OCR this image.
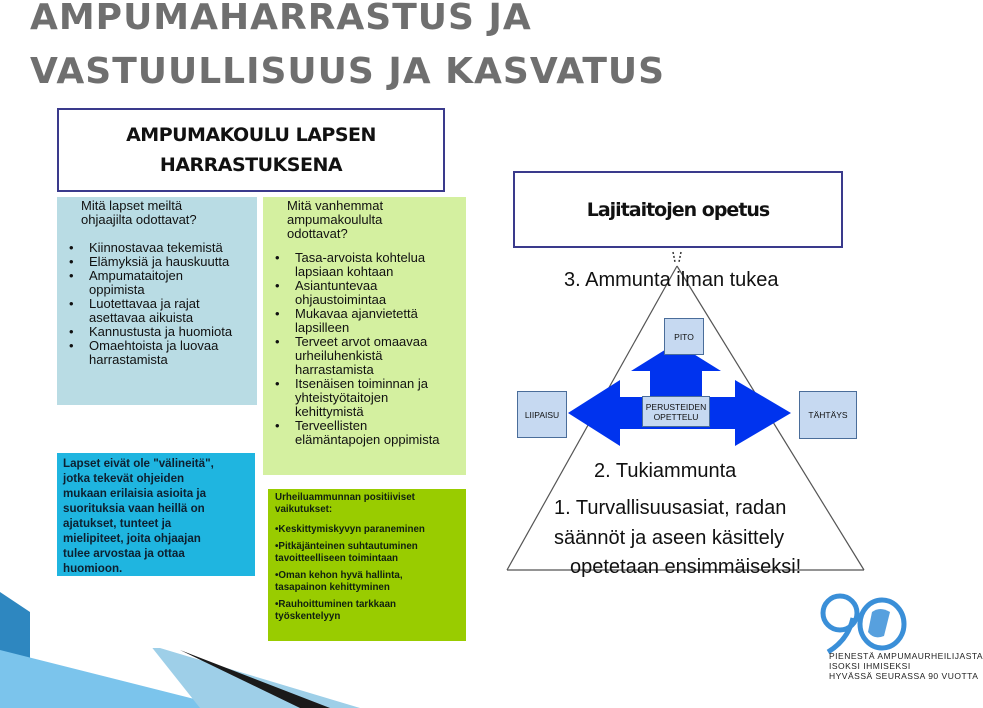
AMPUMAHARRASTUS JA
VASTUULLISUUS JA KASVATUS
AMPUMAKOULU LAPSEN
HARRASTUKSENA
Mitä lapset meiltä
ohjaajilta odottavat?
• Kiinnostavaa tekemistä
• Elämyksiä ja hauskuutta
• Ampumataitojen
oppimista
• Luotettavaa ja rajat
asettavaa aikuista
• Kannustusta ja huomiota
• Omaehtoista ja luovaa
harrastamista
Mitä vanhemmat
ampumakoululta
odottavat?
• Tasa-arvoista kohtelua
lapsiaan kohtaan
• Asiantuntevaa
ohjaustoimintaa
• Mukavaa ajanvietettä
lapsilleen
• Terveet arvot omaavaa
urheiluhenkistä
harrastamista
• Itsenäisen toiminnan ja
yhteistyötaitojen
kehittymistä
• Terveellisten
elämäntapojen oppimista
Lapset eivät ole "välineitä",
jotka tekevät ohjeiden
mukaan erilaisia asioita ja
suorituksia vaan heillä on
ajatukset, tunteet ja
mielipiteet, joita ohjaajan
tulee arvostaa ja ottaa
huomioon.
Urheiluammunnan positiiviset
vaikutukset:
•Keskittymiskyvyn paraneminen
•Pitkäjänteinen suhtautuminen
tavoitteelliseen toimintaan
•Oman kehon hyvä hallinta,
tasapainon kehittyminen
•Rauhoittuminen tarkkaan
työskentelyyn
Lajitaitojen opetus
3. Ammunta ilman tukea
2. Tukiammunta
1. Turvallisuusasiat, radan
säännöt ja aseen käsittely
opetetaan ensimmäiseksi!
PITO
PERUSTEIDEN
OPETTELU
LIIPAISU	TÄHTÄYS
PIENESTÄ AMPUMAURHEILIJASTA
ISOKSI IHMISEKSI
HYVÄSSÄ SEURASSA 90 VUOTTA
